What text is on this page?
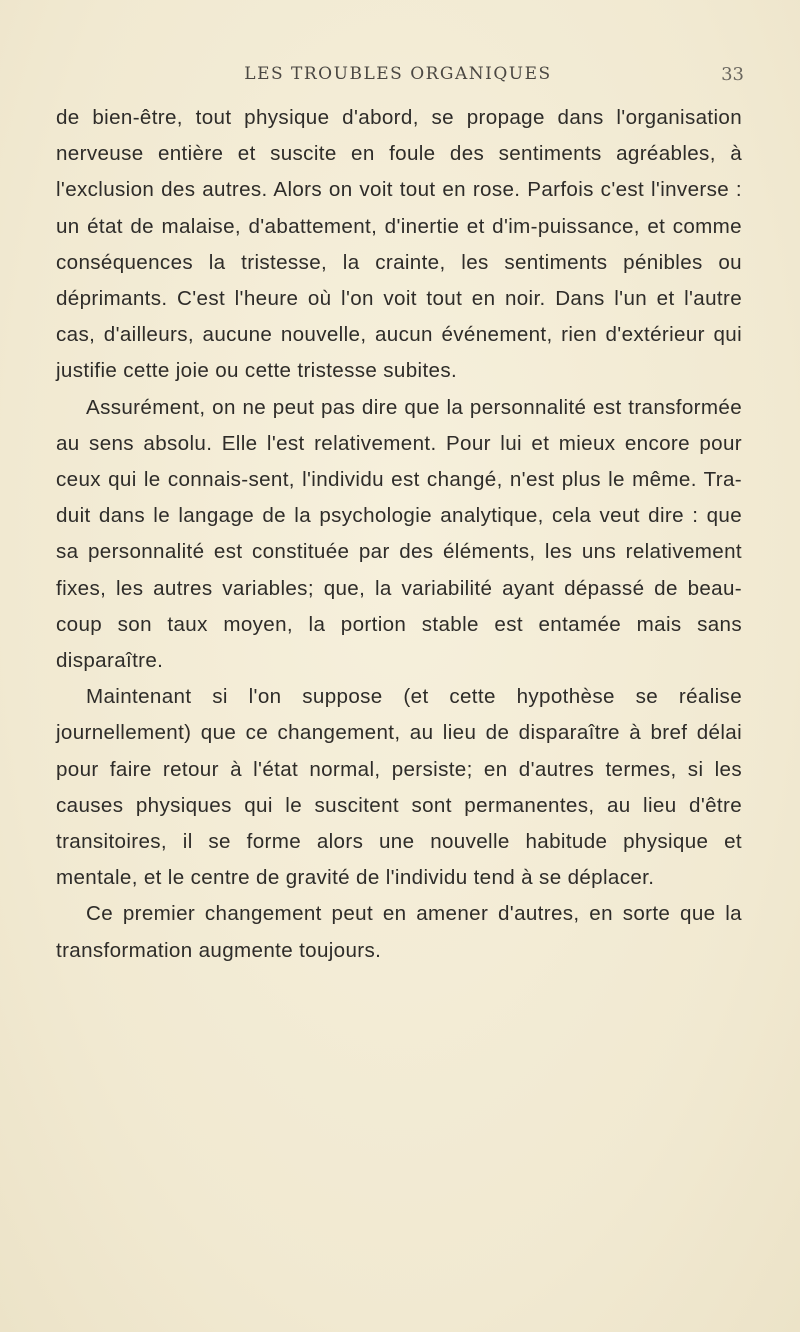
LES TROUBLES ORGANIQUES	33

de bien-être, tout physique d'abord, se propage dans l'organisation nerveuse entière et suscite en foule des sentiments agréables, à l'exclusion des autres. Alors on voit tout en rose. Parfois c'est l'inverse : un état de malaise, d'abattement, d'inertie et d'im-puissance, et comme conséquences la tristesse, la crainte, les sentiments pénibles ou déprimants. C'est l'heure où l'on voit tout en noir. Dans l'un et l'autre cas, d'ailleurs, aucune nouvelle, aucun événement, rien d'extérieur qui justifie cette joie ou cette tristesse subites.

Assurément, on ne peut pas dire que la personnalité est transformée au sens absolu. Elle l'est relativement. Pour lui et mieux encore pour ceux qui le connais-sent, l'individu est changé, n'est plus le même. Tra-duit dans le langage de la psychologie analytique, cela veut dire : que sa personnalité est constituée par des éléments, les uns relativement fixes, les autres variables; que, la variabilité ayant dépassé de beau-coup son taux moyen, la portion stable est entamée mais sans disparaître.

Maintenant si l'on suppose (et cette hypothèse se réalise journellement) que ce changement, au lieu de disparaître à bref délai pour faire retour à l'état normal, persiste; en d'autres termes, si les causes physiques qui le suscitent sont permanentes, au lieu d'être transitoires, il se forme alors une nouvelle habitude physique et mentale, et le centre de gravité de l'individu tend à se déplacer.

Ce premier changement peut en amener d'autres, en sorte que la transformation augmente toujours.
